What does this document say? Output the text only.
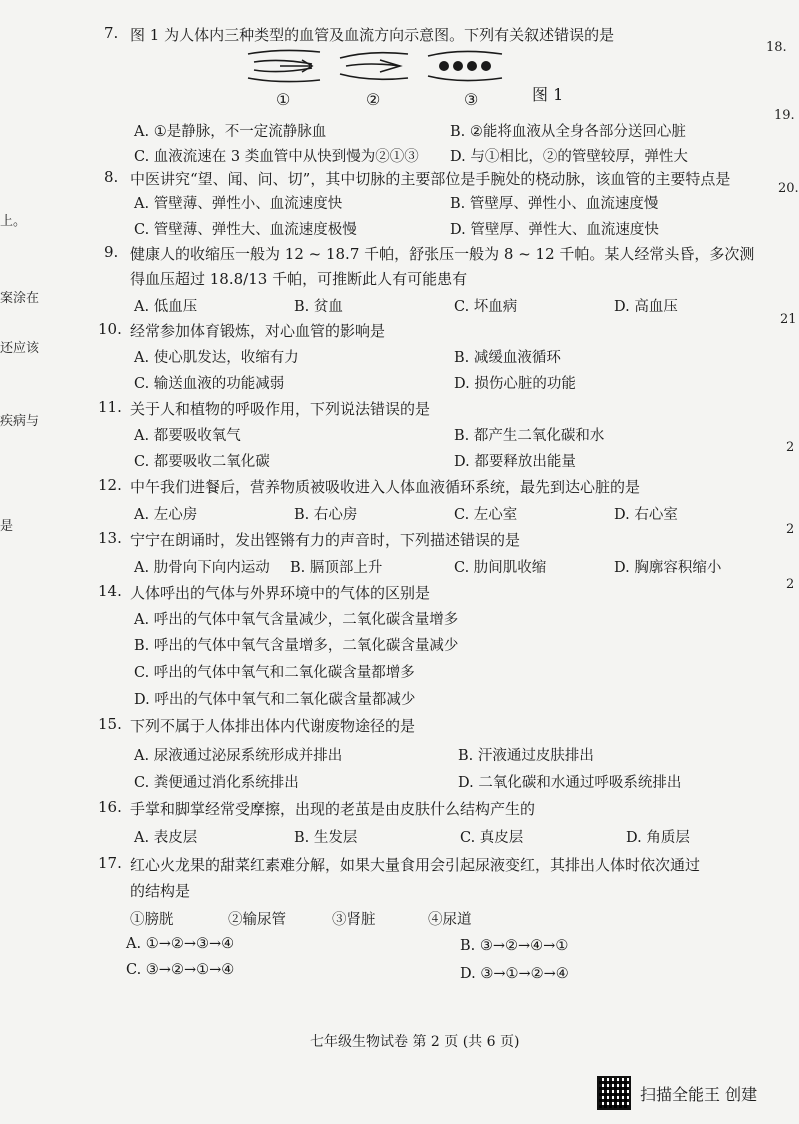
上。
案涂在
还应该
疾病与
是
18.
19.
20.
21
2
2
2
7. 图 1 为人体内三种类型的血管及血流方向示意图。下列有关叙述错误的是
图 1
①	②	③
A. ①是静脉，不一定流静脉血	B. ②能将血液从全身各部分送回心脏
C. 血液流速在 3 类血管中从快到慢为②①③ D. 与①相比，②的管壁较厚，弹性大
8. 中医讲究“望、闻、问、切”，其中切脉的主要部位是手腕处的桡动脉，该血管的主要特点是
A. 管壁薄、弹性小、血流速度快	B. 管壁厚、弹性小、血流速度慢
C. 管壁薄、弹性大、血流速度极慢	D. 管壁厚、弹性大、血流速度快
9. 健康人的收缩压一般为 12 ~ 18.7 千帕，舒张压一般为 8 ~ 12 千帕。某人经常头昏，多次测
得血压超过 18.8/13 千帕，可推断此人有可能患有
A. 低血压	B. 贫血	C. 坏血病	D. 高血压
10. 经常参加体育锻炼，对心血管的影响是
A. 使心肌发达，收缩有力	B. 减缓血液循环
C. 输送血液的功能减弱	D. 损伤心脏的功能
11. 关于人和植物的呼吸作用，下列说法错误的是
A. 都要吸收氧气	B. 都产生二氧化碳和水
C. 都要吸收二氧化碳	D. 都要释放出能量
12. 中午我们进餐后，营养物质被吸收进入人体血液循环系统，最先到达心脏的是
A. 左心房	B. 右心房	C. 左心室	D. 右心室
13. 宁宁在朗诵时，发出铿锵有力的声音时，下列描述错误的是
A. 肋骨向下向内运动 B. 膈顶部上升	C. 肋间肌收缩	D. 胸廓容积缩小
14. 人体呼出的气体与外界环境中的气体的区别是
A. 呼出的气体中氧气含量减少，二氧化碳含量增多
B. 呼出的气体中氧气含量增多，二氧化碳含量减少
C. 呼出的气体中氧气和二氧化碳含量都增多
D. 呼出的气体中氧气和二氧化碳含量都减少
15. 下列不属于人体排出体内代谢废物途径的是
A. 尿液通过泌尿系统形成并排出	B. 汗液通过皮肤排出
C. 粪便通过消化系统排出	D. 二氧化碳和水通过呼吸系统排出
16. 手掌和脚掌经常受摩擦，出现的老茧是由皮肤什么结构产生的
A. 表皮层	B. 生发层	C. 真皮层	D. 角质层
17. 红心火龙果的甜菜红素难分解，如果大量食用会引起尿液变红，其排出人体时依次通过
的结构是
①膀胱	②输尿管	③肾脏	④尿道
A. ①→②→③→④	B. ③→②→④→①
C. ③→②→①→④	D. ③→①→②→④
七年级生物试卷 第 2 页 (共 6 页)
扫描全能王 创建
